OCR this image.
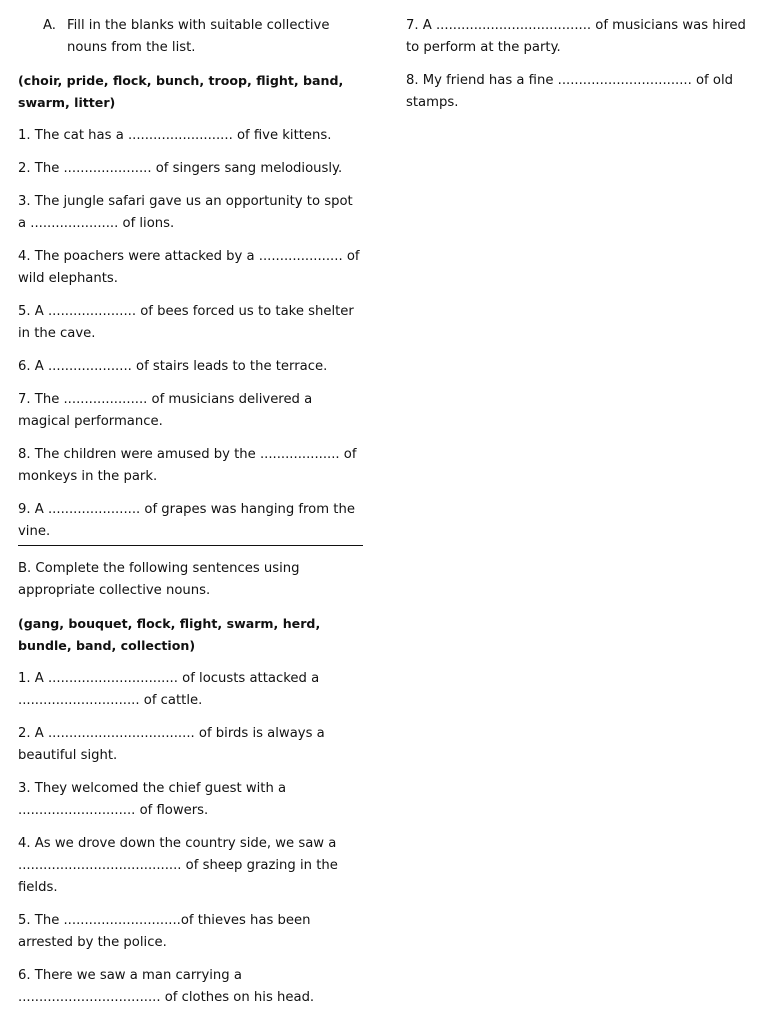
A. Fill in the blanks with suitable collective nouns from the list.

(choir, pride, flock, bunch, troop, flight, band, swarm, litter)

1. The cat has a ......................... of five kittens.

2. The ..................... of singers sang melodiously.

3. The jungle safari gave us an opportunity to spot a ..................... of lions.

4. The poachers were attacked by a .................... of wild elephants.

5. A ..................... of bees forced us to take shelter in the cave.

6. A .................... of stairs leads to the terrace.

7. The .................... of musicians delivered a magical performance.

8. The children were amused by the ................... of monkeys in the park.

9. A ...................... of grapes was hanging from the vine.

B. Complete the following sentences using appropriate collective nouns.

(gang, bouquet, flock, flight, swarm, herd, bundle, band, collection)

1. A ............................... of locusts attacked a ............................. of cattle.

2. A ................................... of birds is always a beautiful sight.

3. They welcomed the chief guest with a ............................ of flowers.

4. As we drove down the country side, we saw a ....................................... of sheep grazing in the fields.

5. The ............................of thieves has been arrested by the police.

6. There we saw a man carrying a .................................. of clothes on his head.

7. A ..................................... of musicians was hired to perform at the party.

8. My friend has a fine ................................ of old stamps.
